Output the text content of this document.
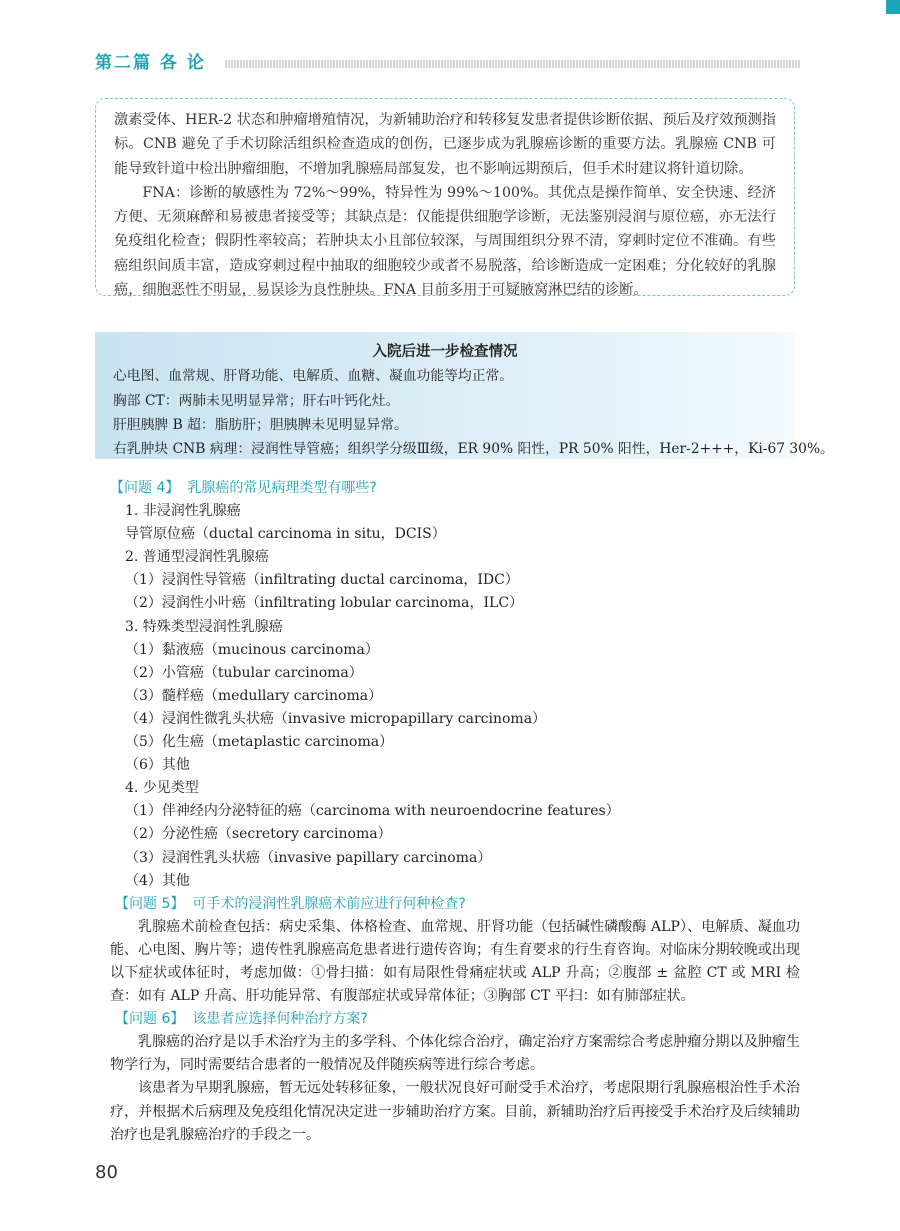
第二篇 各 论

激素受体、HER-2 状态和肿瘤增殖情况，为新辅助治疗和转移复发患者提供诊断依据、预后及疗效预测指标。CNB 避免了手术切除活组织检查造成的创伤，已逐步成为乳腺癌诊断的重要方法。乳腺癌 CNB 可能导致针道中检出肿瘤细胞，不增加乳腺癌局部复发，也不影响远期预后，但手术时建议将针道切除。

FNA：诊断的敏感性为 72%～99%，特异性为 99%～100%。其优点是操作简单、安全快速、经济方便、无须麻醉和易被患者接受等；其缺点是：仅能提供细胞学诊断，无法鉴别浸润与原位癌，亦无法行免疫组化检查；假阴性率较高；若肿块太小且部位较深，与周围组织分界不清，穿刺时定位不准确。有些癌组织间质丰富，造成穿刺过程中抽取的细胞较少或者不易脱落，给诊断造成一定困难；分化较好的乳腺癌，细胞恶性不明显，易误诊为良性肿块。FNA 目前多用于可疑腋窝淋巴结的诊断。

入院后进一步检查情况
心电图、血常规、肝肾功能、电解质、血糖、凝血功能等均正常。
胸部 CT：两肺未见明显异常；肝右叶钙化灶。
肝胆胰脾 B 超：脂肪肝；胆胰脾未见明显异常。
右乳肿块 CNB 病理：浸润性导管癌；组织学分级Ⅲ级，ER 90% 阳性，PR 50% 阳性，Her-2+++，Ki-67 30%。
【问题 4】 乳腺癌的常见病理类型有哪些?
1. 非浸润性乳腺癌
导管原位癌（ductal carcinoma in situ，DCIS）
2. 普通型浸润性乳腺癌
（1）浸润性导管癌（infiltrating ductal carcinoma，IDC）
（2）浸润性小叶癌（infiltrating lobular carcinoma，ILC）
3. 特殊类型浸润性乳腺癌
（1）黏液癌（mucinous carcinoma）
（2）小管癌（tubular carcinoma）
（3）髓样癌（medullary carcinoma）
（4）浸润性微乳头状癌（invasive micropapillary carcinoma）
（5）化生癌（metaplastic carcinoma）
（6）其他
4. 少见类型
（1）伴神经内分泌特征的癌（carcinoma with neuroendocrine features）
（2）分泌性癌（secretory carcinoma）
（3）浸润性乳头状癌（invasive papillary carcinoma）
（4）其他
【问题 5】 可手术的浸润性乳腺癌术前应进行何种检查?
乳腺癌术前检查包括：病史采集、体格检查、血常规、肝肾功能（包括碱性磷酸酶 ALP）、电解质、凝血功能、心电图、胸片等；遗传性乳腺癌高危患者进行遗传咨询；有生育要求的行生育咨询。对临床分期较晚或出现以下症状或体征时，考虑加做：①骨扫描：如有局限性骨痛症状或 ALP 升高；②腹部 ± 盆腔 CT 或 MRI 检查：如有 ALP 升高、肝功能异常、有腹部症状或异常体征；③胸部 CT 平扫：如有肺部症状。
【问题 6】 该患者应选择何种治疗方案?
乳腺癌的治疗是以手术治疗为主的多学科、个体化综合治疗，确定治疗方案需综合考虑肿瘤分期以及肿瘤生物学行为，同时需要结合患者的一般情况及伴随疾病等进行综合考虑。
该患者为早期乳腺癌，暂无远处转移征象，一般状况良好可耐受手术治疗，考虑限期行乳腺癌根治性手术治疗，并根据术后病理及免疫组化情况决定进一步辅助治疗方案。目前，新辅助治疗后再接受手术治疗及后续辅助治疗也是乳腺癌治疗的手段之一。
80
